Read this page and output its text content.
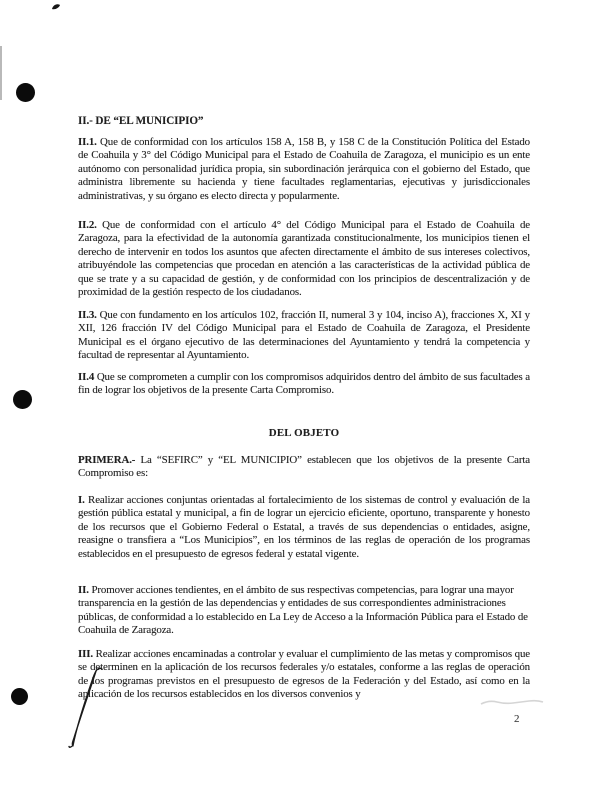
II.- DE “EL MUNICIPIO”
II.1. Que de conformidad con los artículos 158 A, 158 B, y 158 C de la Constitución Política del Estado de Coahuila y 3° del Código Municipal para el Estado de Coahuila de Zaragoza, el municipio es un ente autónomo con personalidad jurídica propia, sin subordinación jerárquica con el gobierno del Estado, que administra libremente su hacienda y tiene facultades reglamentarias, ejecutivas y jurisdiccionales administrativas, y su órgano es electo directa y popularmente.
II.2. Que de conformidad con el artículo 4° del Código Municipal para el Estado de Coahuila de Zaragoza, para la efectividad de la autonomía garantizada constitucionalmente, los municipios tienen el derecho de intervenir en todos los asuntos que afecten directamente el ámbito de sus intereses colectivos, atribuyéndole las competencias que procedan en atención a las características de la actividad pública de que se trate y a su capacidad de gestión, y de conformidad con los principios de descentralización y de proximidad de la gestión respecto de los ciudadanos.
II.3. Que con fundamento en los artículos 102, fracción II, numeral 3 y 104, inciso A), fracciones X, XI y XII, 126 fracción IV del Código Municipal para el Estado de Coahuila de Zaragoza, el Presidente Municipal es el órgano ejecutivo de las determinaciones del Ayuntamiento y tendrá la competencia y facultad de representar al Ayuntamiento.
II.4 Que se comprometen a cumplir con los compromisos adquiridos dentro del ámbito de sus facultades a fin de lograr los objetivos de la presente Carta Compromiso.
DEL OBJETO
PRIMERA.- La “SEFIRC” y “EL MUNICIPIO” establecen que los objetivos de la presente Carta Compromiso es:
I. Realizar acciones conjuntas orientadas al fortalecimiento de los sistemas de control y evaluación de la gestión pública estatal y municipal, a fin de lograr un ejercicio eficiente, oportuno, transparente y honesto de los recursos que el Gobierno Federal o Estatal, a través de sus dependencias o entidades, asigne, reasigne o transfiera a “Los Municipios”, en los términos de las reglas de operación de los programas establecidos en el presupuesto de egresos federal y estatal vigente.
II. Promover acciones tendientes, en el ámbito de sus respectivas competencias, para lograr una mayor transparencia en la gestión de las dependencias y entidades de sus correspondientes administraciones públicas, de conformidad a lo establecido en La Ley de Acceso a la Información Pública para el Estado de Coahuila de Zaragoza.
III. Realizar acciones encaminadas a controlar y evaluar el cumplimiento de las metas y compromisos que se determinen en la aplicación de los recursos federales y/o estatales, conforme a las reglas de operación de los programas previstos en el presupuesto de egresos de la Federación y del Estado, así como en la aplicación de los recursos establecidos en los diversos convenios y
2
